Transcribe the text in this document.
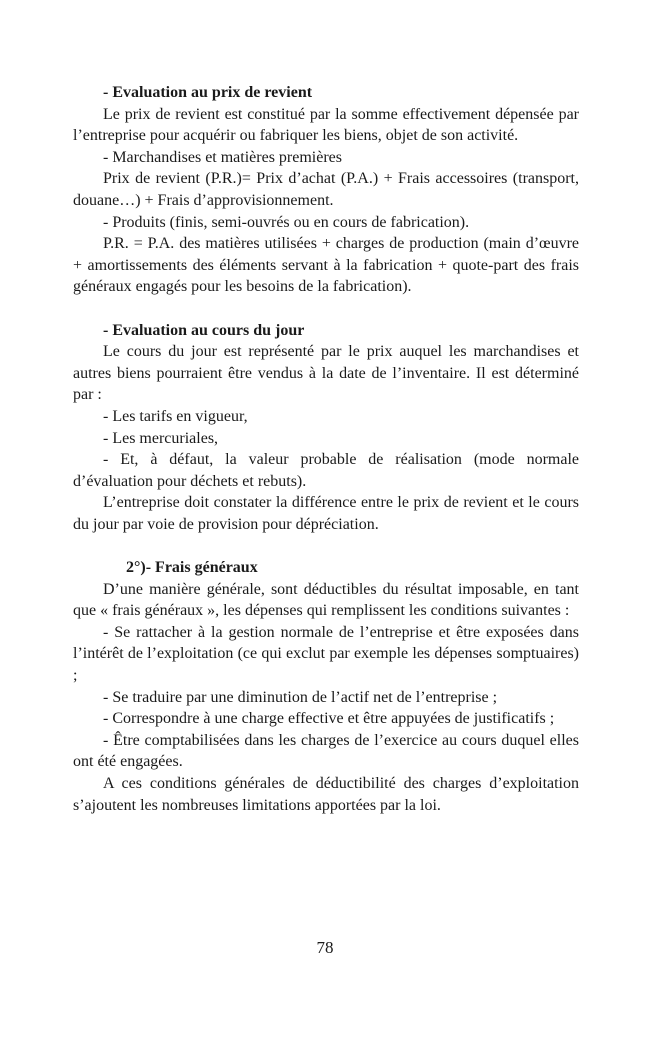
- Evaluation au prix de revient

Le prix de revient est constitué par la somme effectivement dépensée par l’entreprise pour acquérir ou fabriquer les biens, objet de son activité.

- Marchandises et matières premières

Prix de revient (P.R.)= Prix d’achat (P.A.) + Frais accessoires (transport, douane…) + Frais d’approvisionnement.

- Produits (finis, semi-ouvrés ou en cours de fabrication).

P.R. = P.A. des matières utilisées + charges de production (main d’œuvre + amortissements des éléments servant à la fabrication + quote-part des frais généraux engagés pour les besoins de la fabrication).

- Evaluation au cours du jour

Le cours du jour est représenté par le prix auquel les marchandises et autres biens pourraient être vendus à la date de l’inventaire. Il est déterminé par :

- Les tarifs en vigueur,

- Les mercuriales,

- Et, à défaut, la valeur probable de réalisation (mode normale d’évaluation pour déchets et rebuts).

L’entreprise doit constater la différence entre le prix de revient et le cours du jour par voie de provision pour dépréciation.

2°)- Frais généraux

D’une manière générale, sont déductibles du résultat imposable, en tant que « frais généraux », les dépenses qui remplissent les conditions suivantes :

- Se rattacher à la gestion normale de l’entreprise et être exposées dans l’intérêt de l’exploitation (ce qui exclut par exemple les dépenses somptuaires) ;

- Se traduire par une diminution de l’actif net de l’entreprise ;

- Correspondre à une charge effective et être appuyées de justificatifs ;

- Être comptabilisées dans les charges de l’exercice au cours duquel elles ont été engagées.

A ces conditions générales de déductibilité des charges d’exploitation s’ajoutent les nombreuses limitations apportées par la loi.

78
